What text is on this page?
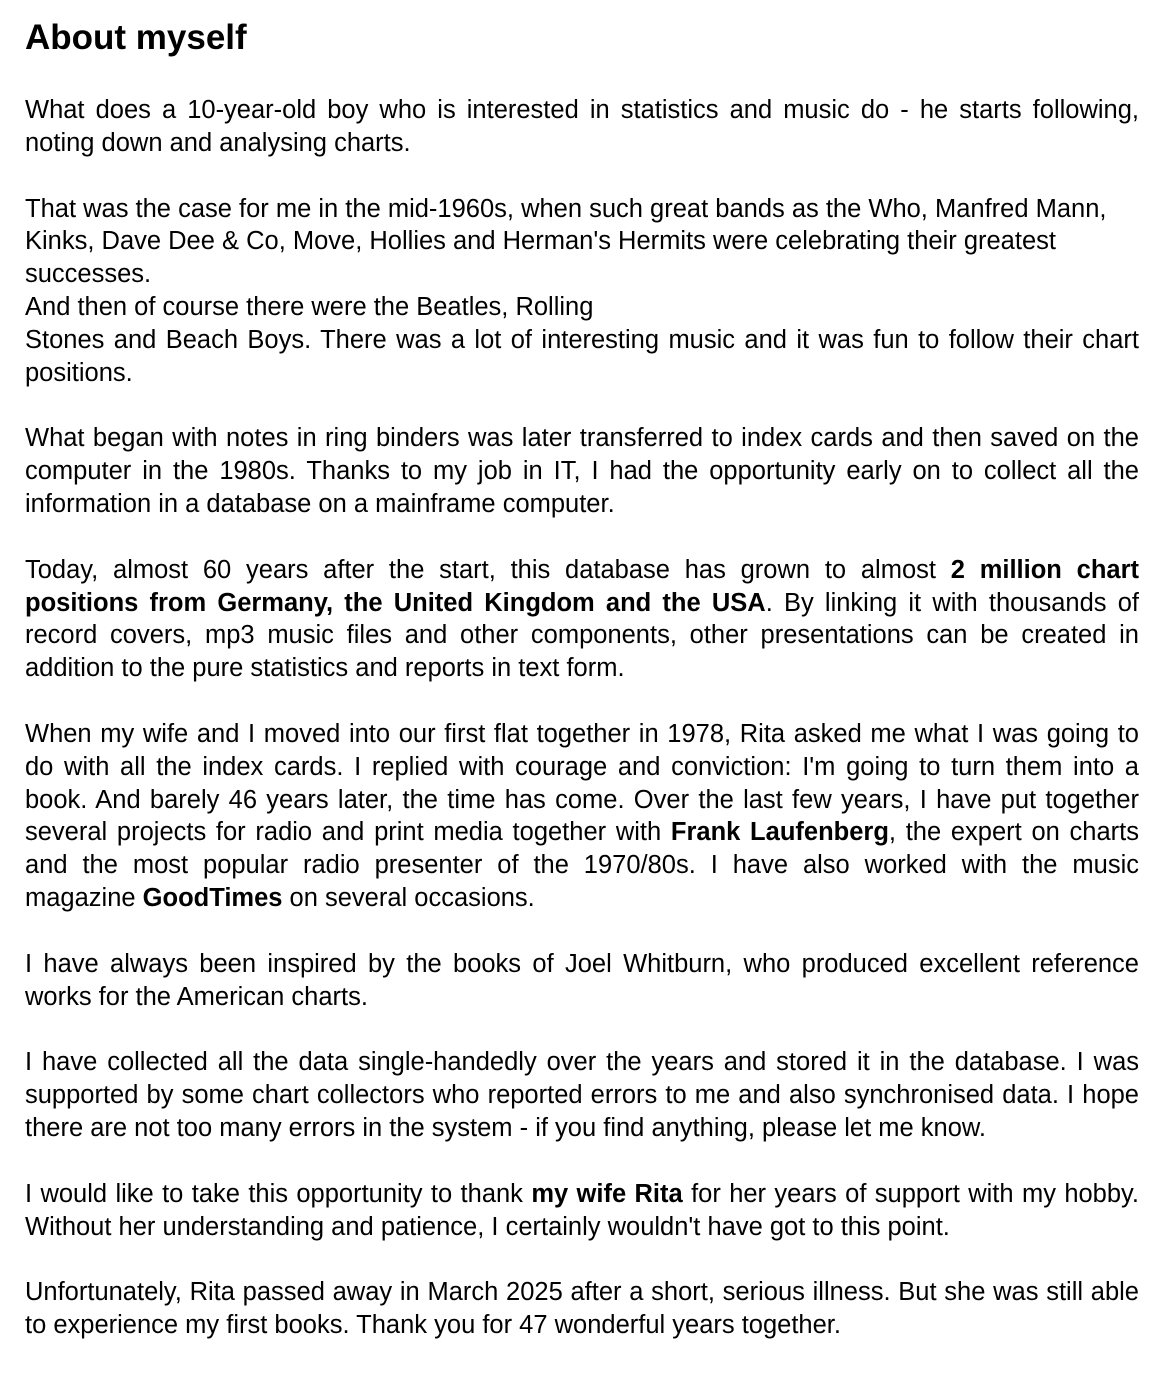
About myself

What does a 10-year-old boy who is interested in statistics and music do - he starts following, noting down and analysing charts.

That was the case for me in the mid-1960s, when such great bands as the Who, Manfred Mann, Kinks, Dave Dee & Co, Move, Hollies and Herman's Hermits were celebrating their greatest successes.

And then of course there were the Beatles, Rolling

Stones and Beach Boys. There was a lot of interesting music and it was fun to follow their chart positions.

What began with notes in ring binders was later transferred to index cards and then saved on the computer in the 1980s. Thanks to my job in IT, I had the opportunity early on to collect all the information in a database on a mainframe computer.

Today, almost 60 years after the start, this database has grown to almost 2 million chart positions from Germany, the United Kingdom and the USA. By linking it with thousands of record covers, mp3 music files and other components, other presentations can be created in addition to the pure statistics and reports in text form.

When my wife and I moved into our first flat together in 1978, Rita asked me what I was going to do with all the index cards. I replied with courage and conviction: I'm going to turn them into a book. And barely 46 years later, the time has come. Over the last few years, I have put together several projects for radio and print media together with Frank Laufenberg, the expert on charts and the most popular radio presenter of the 1970/80s. I have also worked with the music magazine GoodTimes on several occasions.

I have always been inspired by the books of Joel Whitburn, who produced excellent reference works for the American charts.

I have collected all the data single-handedly over the years and stored it in the database. I was supported by some chart collectors who reported errors to me and also synchronised data. I hope there are not too many errors in the system - if you find anything, please let me know.

I would like to take this opportunity to thank my wife Rita for her years of support with my hobby. Without her understanding and patience, I certainly wouldn't have got to this point.

Unfortunately, Rita passed away in March 2025 after a short, serious illness. But she was still able to experience my first books. Thank you for 47 wonderful years together.
